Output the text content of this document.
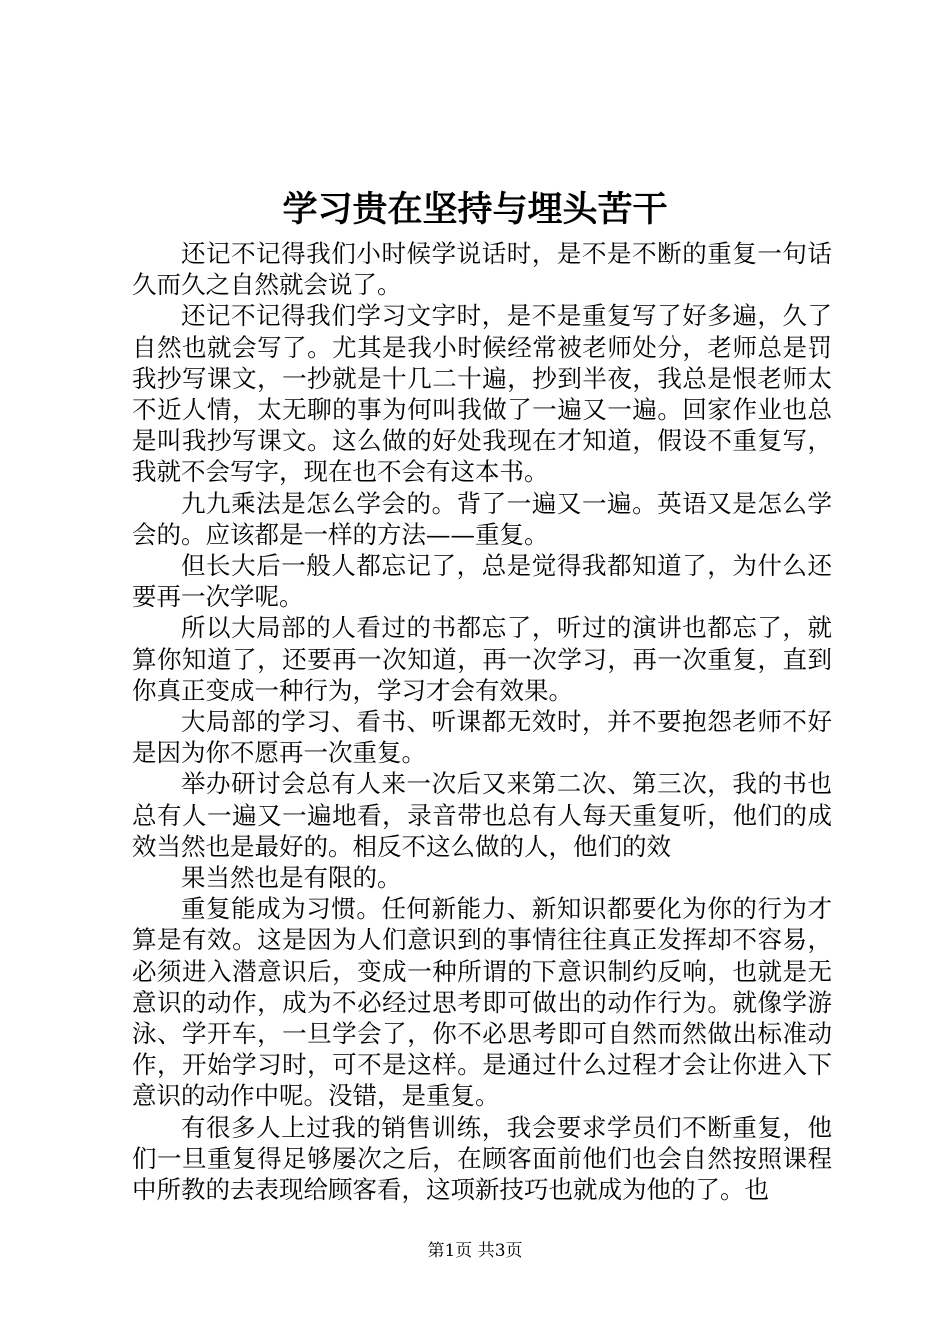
学习贵在坚持与埋头苦干

还记不记得我们小时候学说话时，是不是不断的重复一句话久而久之自然就会说了。

还记不记得我们学习文字时，是不是重复写了好多遍，久了自然也就会写了。尤其是我小时候经常被老师处分，老师总是罚我抄写课文，一抄就是十几二十遍，抄到半夜，我总是恨老师太不近人情，太无聊的事为何叫我做了一遍又一遍。回家作业也总是叫我抄写课文。这么做的好处我现在才知道，假设不重复写，我就不会写字，现在也不会有这本书。

九九乘法是怎么学会的。背了一遍又一遍。英语又是怎么学会的。应该都是一样的方法——重复。

但长大后一般人都忘记了，总是觉得我都知道了，为什么还要再一次学呢。

所以大局部的人看过的书都忘了，听过的演讲也都忘了，就算你知道了，还要再一次知道，再一次学习，再一次重复，直到你真正变成一种行为，学习才会有效果。

大局部的学习、看书、听课都无效时，并不要抱怨老师不好是因为你不愿再一次重复。

举办研讨会总有人来一次后又来第二次、第三次，我的书也总有人一遍又一遍地看，录音带也总有人每天重复听，他们的成效当然也是最好的。相反不这么做的人，他们的效

果当然也是有限的。

重复能成为习惯。任何新能力、新知识都要化为你的行为才算是有效。这是因为人们意识到的事情往往真正发挥却不容易，必须进入潜意识后，变成一种所谓的下意识制约反响，也就是无意识的动作，成为不必经过思考即可做出的动作行为。就像学游泳、学开车，一旦学会了，你不必思考即可自然而然做出标准动作，开始学习时，可不是这样。是通过什么过程才会让你进入下意识的动作中呢。没错，是重复。

有很多人上过我的销售训练，我会要求学员们不断重复，他们一旦重复得足够屡次之后，在顾客面前他们也会自然按照课程中所教的去表现给顾客看，这项新技巧也就成为他的了。也

第1页 共3页
